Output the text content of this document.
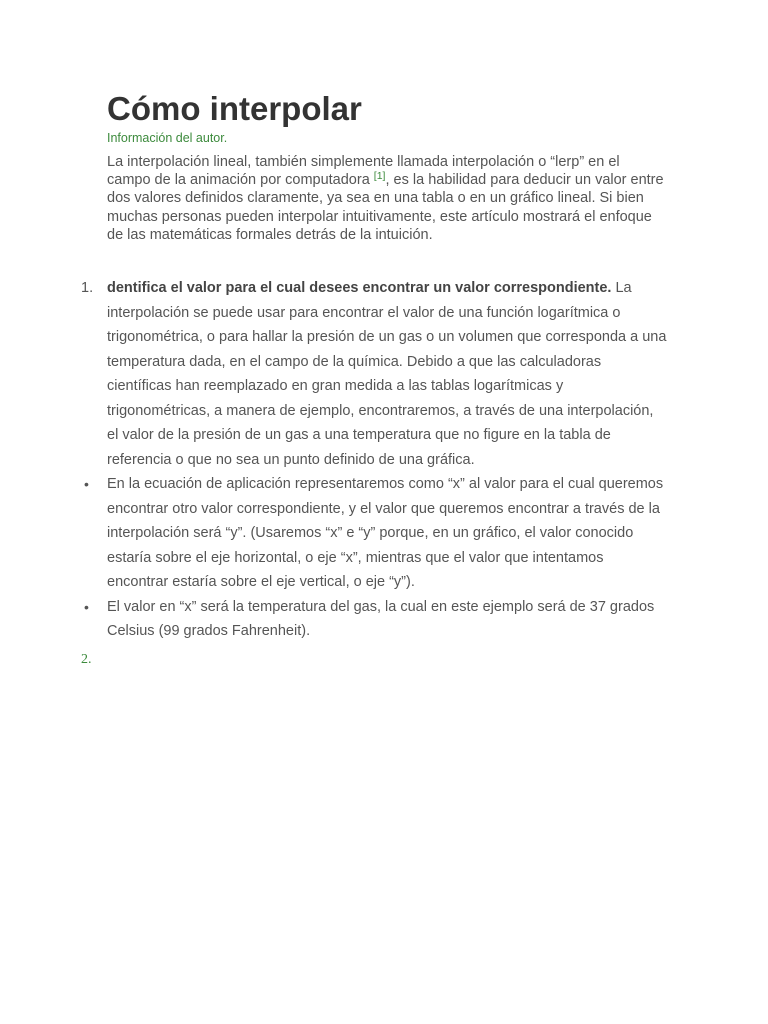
Cómo interpolar
Información del autor.

La interpolación lineal, también simplemente llamada interpolación o “lerp” en el campo de la animación por computadora [1], es la habilidad para deducir un valor entre dos valores definidos claramente, ya sea en una tabla o en un gráfico lineal. Si bien muchas personas pueden interpolar intuitivamente, este artículo mostrará el enfoque de las matemáticas formales detrás de la intuición.

1. dentifica el valor para el cual desees encontrar un valor correspondiente. La interpolación se puede usar para encontrar el valor de una función logarítmica o trigonométrica, o para hallar la presión de un gas o un volumen que corresponda a una temperatura dada, en el campo de la química. Debido a que las calculadoras científicas han reemplazado en gran medida a las tablas logarítmicas y trigonométricas, a manera de ejemplo, encontraremos, a través de una interpolación, el valor de la presión de un gas a una temperatura que no figure en la tabla de referencia o que no sea un punto definido de una gráfica.
• En la ecuación de aplicación representaremos como “x” al valor para el cual queremos encontrar otro valor correspondiente, y el valor que queremos encontrar a través de la interpolación será “y”. (Usaremos “x” e “y” porque, en un gráfico, el valor conocido estaría sobre el eje horizontal, o eje “x”, mientras que el valor que intentamos encontrar estaría sobre el eje vertical, o eje “y”).
• El valor en “x” será la temperatura del gas, la cual en este ejemplo será de 37 grados Celsius (99 grados Fahrenheit).
2.
